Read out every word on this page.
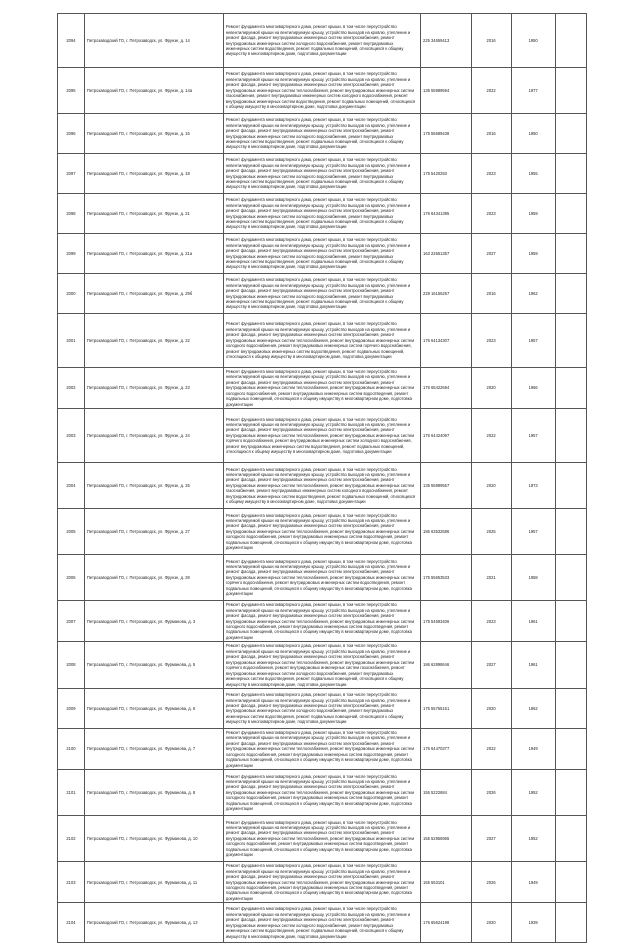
2094	Петрозаводский ГО, г. Петрозаводск, ул. Фрунзе, д. 14	Ремонт фундамента многоквартирного дома, ремонт крыши, в том числе переустройство невентилируемой крыши на вентилируемую крышу, устройство выходов на кровлю, утепление и ремонт фасада, ремонт внутридомовых инженерных систем электроснабжения, ремонт внутридомовых инженерных систем холодного водоснабжения, ремонт внутридомовых инженерных систем водоотведения, ремонт подвальных помещений, относящихся к общему имуществу в многоквартирном доме, подготовка документации	225 34659413	2016	1950	
2095	Петрозаводский ГО, г. Петрозаводск, ул. Фрунзе, д. 14а	Ремонт фундамента многоквартирного дома, ремонт крыши, в том числе переустройство невентилируемой крыши на вентилируемую крышу, устройство выходов на кровлю, утепление и ремонт фасада, ремонт внутридомовых инженерных систем электроснабжения, ремонт внутридомовых инженерных систем теплоснабжения, ремонт внутридомовых инженерных систем газоснабжения, ремонт внутридомовых инженерных систем холодного водоснабжения, ремонт внутридомовых инженерных систем водоотведения, ремонт подвальных помещений, относящихся к общему имуществу в многоквартирном доме, подготовка документации	135 55989594	2022	1977	
2096	Петрозаводский ГО, г. Петрозаводск, ул. Фрунзе, д. 16	Ремонт фундамента многоквартирного дома, ремонт крыши, в том числе переустройство невентилируемой крыши на вентилируемую крышу, устройство выходов на кровлю, утепление и ремонт фасада, ремонт внутридомовых инженерных систем электроснабжения, ремонт внутридомовых инженерных систем холодного водоснабжения, ремонт внутридомовых инженерных систем водоотведения, ремонт подвальных помещений, относящихся к общему имуществу в многоквартирном доме, подготовка документации	175 55689438	2016	1950	
2097	Петрозаводский ГО, г. Петрозаводск, ул. Фрунзе, д. 18	Ремонт фундамента многоквартирного дома, ремонт крыши, в том числе переустройство невентилируемой крыши на вентилируемую крышу, устройство выходов на кровлю, утепление и ремонт фасада, ремонт внутридомовых инженерных систем электроснабжения, ремонт внутридомовых инженерных систем холодного водоснабжения, ремонт внутридомовых инженерных систем водоотведения, ремонт подвальных помещений, относящихся к общему имуществу в многоквартирном доме, подготовка документации	175 5420293	2023	1955	
2098	Петрозаводский ГО, г. Петрозаводск, ул. Фрунзе, д. 21	Ремонт фундамента многоквартирного дома, ремонт крыши, в том числе переустройство невентилируемой крыши на вентилируемую крышу, устройство выходов на кровлю, утепление и ремонт фасада, ремонт внутридомовых инженерных систем электроснабжения, ремонт внутридомовых инженерных систем холодного водоснабжения, ремонт внутридомовых инженерных систем водоотведения, ремонт подвальных помещений, относящихся к общему имуществу в многоквартирном доме, подготовка документации	176 64341395	2023	1959	
2099	Петрозаводский ГО, г. Петрозаводск, ул. Фрунзе, д. 21а	Ремонт фундамента многоквартирного дома, ремонт крыши, в том числе переустройство невентилируемой крыши на вентилируемую крышу, устройство выходов на кровлю, утепление и ремонт фасада, ремонт внутридомовых инженерных систем электроснабжения, ремонт внутридомовых инженерных систем холодного водоснабжения, ремонт внутридомовых инженерных систем водоотведения, ремонт подвальных помещений, относящихся к общему имуществу в многоквартирном доме, подготовка документации	163 22651357	2027	1959	
2000	Петрозаводский ГО, г. Петрозаводск, ул. Фрунзе, д. 29б	Ремонт фундамента многоквартирного дома, ремонт крыши, в том числе переустройство невентилируемой крыши на вентилируемую крышу, устройство выходов на кровлю, утепление и ремонт фасада, ремонт внутридомовых инженерных систем электроснабжения, ремонт внутридомовых инженерных систем холодного водоснабжения, ремонт внутридомовых инженерных систем водоотведения, ремонт подвальных помещений, относящихся к общему имуществу в многоквартирном доме, подготовка документации	229 16156257	2016	1962	
2001	Петрозаводский ГО, г. Петрозаводск, ул. Фрунзе, д. 22	Ремонт фундамента многоквартирного дома, ремонт крыши, в том числе переустройство невентилируемой крыши на вентилируемую крышу, устройство выходов на кровлю, утепление и ремонт фасада, ремонт внутридомовых инженерных систем электроснабжения, ремонт внутридомовых инженерных систем теплоснабжения, ремонт внутридомовых инженерных систем холодного водоснабжения, ремонт внутридомовых инженерных систем горячего водоснабжения, ремонт внутридомовых инженерных систем водоотведения, ремонт подвальных помещений, относящихся к общему имуществу в многоквартирном доме, подготовка документации	176 64134307	2023	1957	
2002	Петрозаводский ГО, г. Петрозаводск, ул. Фрунзе, д. 23	Ремонт фундамента многоквартирного дома, ремонт крыши, в том числе переустройство невентилируемой крыши на вентилируемую крышу, устройство выходов на кровлю, утепление и ремонт фасада, ремонт внутридомовых инженерных систем электроснабжения, ремонт внутридомовых инженерных систем теплоснабжения, ремонт внутридомовых инженерных систем холодного водоснабжения, ремонт внутридомовых инженерных систем водоотведения, ремонт подвальных помещений, относящихся к общему имуществу в многоквартирном доме, подготовка документации	176 65422694	2020	1966	
2003	Петрозаводский ГО, г. Петрозаводск, ул. Фрунзе, д. 24	Ремонт фундамента многоквартирного дома, ремонт крыши, в том числе переустройство невентилируемой крыши на вентилируемую крышу, устройство выходов на кровлю, утепление и ремонт фасада, ремонт внутридомовых инженерных систем электроснабжения, ремонт внутридомовых инженерных систем теплоснабжения, ремонт внутридомовых инженерных систем горячего водоснабжения, ремонт внутридомовых инженерных систем холодного водоснабжения, ремонт внутридомовых инженерных систем водоотведения, ремонт подвальных помещений, относящихся к общему имуществу в многоквартирном доме, подготовка документации	176 64424097	2022	1957	
2004	Петрозаводский ГО, г. Петрозаводск, ул. Фрунзе, д. 25	Ремонт фундамента многоквартирного дома, ремонт крыши, в том числе переустройство невентилируемой крыши на вентилируемую крышу, устройство выходов на кровлю, утепление и ремонт фасада, ремонт внутридомовых инженерных систем электроснабжения, ремонт внутридомовых инженерных систем теплоснабжения, ремонт внутридомовых инженерных систем газоснабжения, ремонт внутридомовых инженерных систем холодного водоснабжения, ремонт внутридомовых инженерных систем водоотведения, ремонт подвальных помещений, относящихся к общему имуществу в многоквартирном доме, подготовка документации	135 55989557	2020	1973	
2005	Петрозаводский ГО, г. Петрозаводск, ул. Фрунзе, д. 27	Ремонт фундамента многоквартирного дома, ремонт крыши, в том числе переустройство невентилируемой крыши на вентилируемую крышу, устройство выходов на кровлю, утепление и ремонт фасада, ремонт внутридомовых инженерных систем электроснабжения, ремонт внутридомовых инженерных систем теплоснабжения, ремонт внутридомовых инженерных систем холодного водоснабжения, ремонт внутридомовых инженерных систем водоотведения, ремонт подвальных помещений, относящихся к общему имуществу в многоквартирном доме, подготовка документации	186 63532686	2025	1957	
2006	Петрозаводский ГО, г. Петрозаводск, ул. Фрунзе, д. 28	Ремонт фундамента многоквартирного дома, ремонт крыши, в том числе переустройство невентилируемой крыши на вентилируемую крышу, устройство выходов на кровлю, утепление и ремонт фасада, ремонт внутридомовых инженерных систем электроснабжения, ремонт внутридомовых инженерных систем теплоснабжения, ремонт внутридомовых инженерных систем горячего водоснабжения, ремонт внутридомовых инженерных систем водоотведения, ремонт подвальных помещений, относящихся к общему имуществу в многоквартирном доме, подготовка документации	175 55653533	2021	1958	
2007	Петрозаводский ГО, г. Петрозаводск, ул. Фурманова, д. 3	Ремонт фундамента многоквартирного дома, ремонт крыши, в том числе переустройство невентилируемой крыши на вентилируемую крышу, устройство выходов на кровлю, утепление и ремонт фасада, ремонт внутридомовых инженерных систем электроснабжения, ремонт внутридомовых инженерных систем теплоснабжения, ремонт внутридомовых инженерных систем холодного водоснабжения, ремонт внутридомовых инженерных систем водоотведения, ремонт подвальных помещений, относящихся к общему имуществу в многоквартирном доме, подготовка документации	175 54593406	2023	1961	
2008	Петрозаводский ГО, г. Петрозаводск, ул. Фурманова, д. 5	Ремонт фундамента многоквартирного дома, ремонт крыши, в том числе переустройство невентилируемой крыши на вентилируемую крышу, устройство выходов на кровлю, утепление и ремонт фасада, ремонт внутридомовых инженерных систем электроснабжения, ремонт внутридомовых инженерных систем теплоснабжения, ремонт внутридомовых инженерных систем горячего водоснабжения, ремонт внутридомовых инженерных систем газоснабжения, ремонт внутридомовых инженерных систем холодного водоснабжения, ремонт внутридомовых инженерных систем водоотведения, ремонт подвальных помещений, относящихся к общему имуществу в многоквартирном доме, подготовка документации	186 62898646	2027	1961	
2009	Петрозаводский ГО, г. Петрозаводск, ул. Фурманова, д. 6	Ремонт фундамента многоквартирного дома, ремонт крыши, в том числе переустройство невентилируемой крыши на вентилируемую крышу, устройство выходов на кровлю, утепление и ремонт фасада, ремонт внутридомовых инженерных систем электроснабжения, ремонт внутридомовых инженерных систем холодного водоснабжения, ремонт внутридомовых инженерных систем водоотведения, ремонт подвальных помещений, относящихся к общему имуществу в многоквартирном доме, подготовка документации	175 55765151	2020	1962	
2100	Петрозаводский ГО, г. Петрозаводск, ул. Фурманова, д. 7	Ремонт фундамента многоквартирного дома, ремонт крыши, в том числе переустройство невентилируемой крыши на вентилируемую крышу, устройство выходов на кровлю, утепление и ремонт фасада, ремонт внутридомовых инженерных систем электроснабжения, ремонт внутридомовых инженерных систем теплоснабжения, ремонт внутридомовых инженерных систем холодного водоснабжения, ремонт внутридомовых инженерных систем водоотведения, ремонт подвальных помещений, относящихся к общему имуществу в многоквартирном доме, подготовка документации	176 64470377	2022	1949	
2101	Петрозаводский ГО, г. Петрозаводск, ул. Фурманова, д. 8	Ремонт фундамента многоквартирного дома, ремонт крыши, в том числе переустройство невентилируемой крыши на вентилируемую крышу, устройство выходов на кровлю, утепление и ремонт фасада, ремонт внутридомовых инженерных систем электроснабжения, ремонт внутридомовых инженерных систем теплоснабжения, ремонт внутридомовых инженерных систем холодного водоснабжения, ремонт внутридомовых инженерных систем водоотведения, ремонт подвальных помещений, относящихся к общему имуществу в многоквартирном доме, подготовка документации	155 5222684	2026	1952	
2102	Петрозаводский ГО, г. Петрозаводск, ул. Фурманова, д. 10	Ремонт фундамента многоквартирного дома, ремонт крыши, в том числе переустройство невентилируемой крыши на вентилируемую крышу, устройство выходов на кровлю, утепление и ремонт фасада, ремонт внутридомовых инженерных систем электроснабжения, ремонт внутридомовых инженерных систем теплоснабжения, ремонт внутридомовых инженерных систем холодного водоснабжения, ремонт внутридомовых инженерных систем водоотведения, ремонт подвальных помещений, относящихся к общему имуществу в многоквартирном доме, подготовка документации	155 52956965	2027	1952	
2103	Петрозаводский ГО, г. Петрозаводск, ул. Фурманова, д. 11	Ремонт фундамента многоквартирного дома, ремонт крыши, в том числе переустройство невентилируемой крыши на вентилируемую крышу, устройство выходов на кровлю, утепление и ремонт фасада, ремонт внутридомовых инженерных систем электроснабжения, ремонт внутридомовых инженерных систем теплоснабжения, ремонт внутридомовых инженерных систем холодного водоснабжения, ремонт внутридомовых инженерных систем водоотведения, ремонт подвальных помещений, относящихся к общему имуществу в многоквартирном доме, подготовка документации	155 553101	2026	1949	
2104	Петрозаводский ГО, г. Петрозаводск, ул. Фурманова, д. 13	Ремонт фундамента многоквартирного дома, ремонт крыши, в том числе переустройство невентилируемой крыши на вентилируемую крышу, устройство выходов на кровлю, утепление и ремонт фасада, ремонт внутридомовых инженерных систем электроснабжения, ремонт внутридомовых инженерных систем холодного водоснабжения, ремонт внутридомовых инженерных систем водоотведения, ремонт подвальных помещений, относящихся к общему имуществу в многоквартирном доме, подготовка документации	176 65624198	2020	1939	
